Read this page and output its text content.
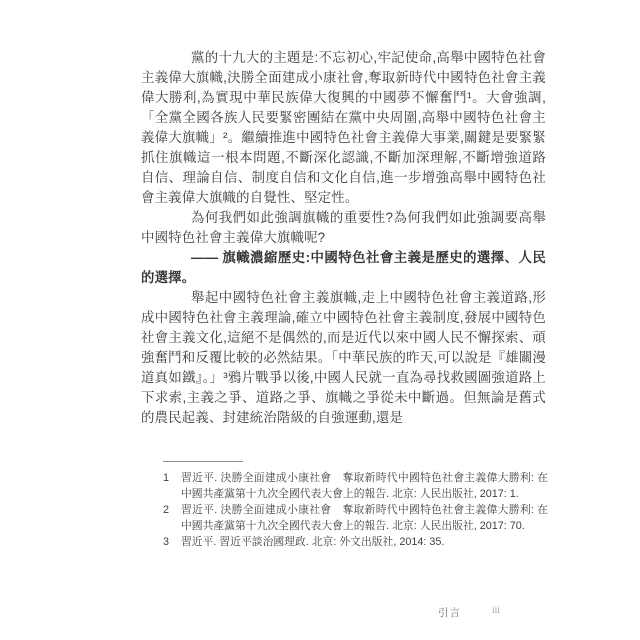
黨的十九大的主題是:不忘初心,牢記使命,高舉中國特色社會主義偉大旗幟,決勝全面建成小康社會,奪取新時代中國特色社會主義偉大勝利,為實現中華民族偉大復興的中國夢不懈奮鬥¹。大會強調,「全黨全國各族人民要緊密團結在黨中央周圍,高舉中國特色社會主義偉大旗幟」²。繼續推進中國特色社會主義偉大事業,關鍵是要緊緊抓住旗幟這一根本問題,不斷深化認識,不斷加深理解,不斷增強道路自信、理論自信、制度自信和文化自信,進一步增強高舉中國特色社會主義偉大旗幟的自覺性、堅定性。

為何我們如此強調旗幟的重要性?為何我們如此強調要高舉中國特色社會主義偉大旗幟呢?

—— 旗幟濃縮歷史:中國特色社會主義是歷史的選擇、人民的選擇。

舉起中國特色社會主義旗幟,走上中國特色社會主義道路,形成中國特色社會主義理論,確立中國特色社會主義制度,發展中國特色社會主義文化,這絕不是偶然的,而是近代以來中國人民不懈探索、頑強奮鬥和反覆比較的必然結果。「中華民族的昨天,可以說是『雄關漫道真如鐵』。」³鴉片戰爭以後,中國人民就一直為尋找救國圖強道路上下求索,主義之爭、道路之爭、旗幟之爭從未中斷過。但無論是舊式的農民起義、封建統治階級的自強運動,還是

1	習近平. 決勝全面建成小康社會　奪取新時代中國特色社會主義偉大勝利: 在中國共產黨第十九次全國代表大會上的報告. 北京: 人民出版社, 2017: 1.
2	習近平. 決勝全面建成小康社會　奪取新時代中國特色社會主義偉大勝利: 在中國共產黨第十九次全國代表大會上的報告. 北京: 人民出版社, 2017: 70.
3	習近平. 習近平談治國理政. 北京: 外文出版社, 2014: 35.
引言	iii
